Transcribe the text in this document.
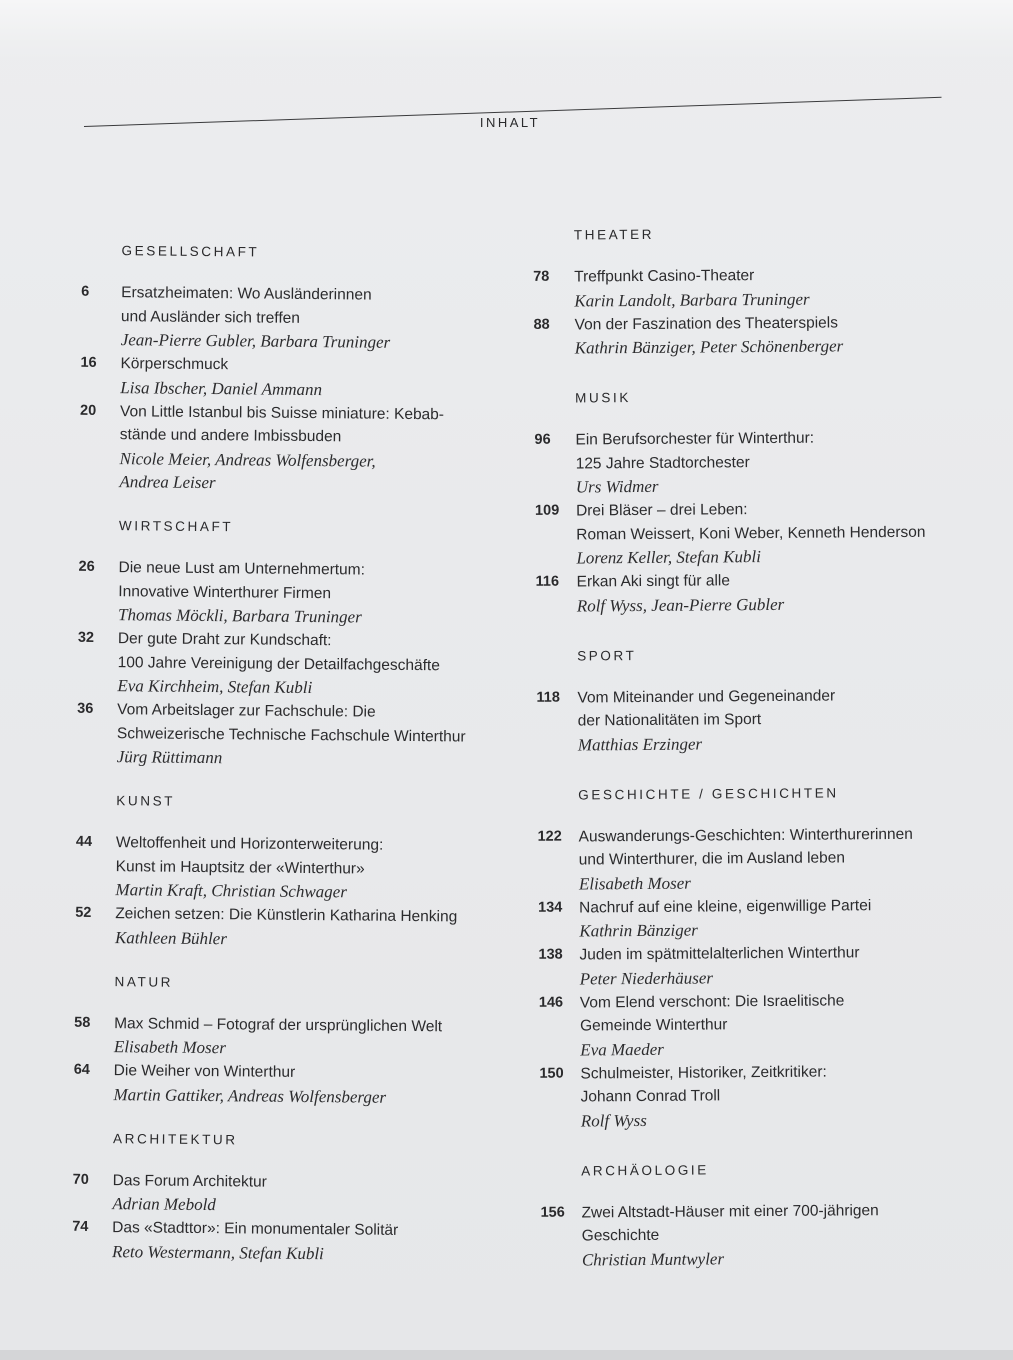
INHALT
GESELLSCHAFT
6	Ersatzheimaten: Wo Ausländerinnen
und Ausländer sich treffen
Jean-Pierre Gubler, Barbara Truninger
16	Körperschmuck
Lisa Ibscher, Daniel Ammann
20	Von Little Istanbul bis Suisse miniature: Kebab-
stände und andere Imbissbuden
Nicole Meier, Andreas Wolfensberger,
Andrea Leiser
WIRTSCHAFT
26	Die neue Lust am Unternehmertum:
Innovative Winterthurer Firmen
Thomas Möckli, Barbara Truninger
32	Der gute Draht zur Kundschaft:
100 Jahre Vereinigung der Detailfachgeschäfte
Eva Kirchheim, Stefan Kubli
36	Vom Arbeitslager zur Fachschule: Die
Schweizerische Technische Fachschule Winterthur
Jürg Rüttimann
KUNST
44	Weltoffenheit und Horizonterweiterung:
Kunst im Hauptsitz der «Winterthur»
Martin Kraft, Christian Schwager
52	Zeichen setzen: Die Künstlerin Katharina Henking
Kathleen Bühler
NATUR
58	Max Schmid – Fotograf der ursprünglichen Welt
Elisabeth Moser
64	Die Weiher von Winterthur
Martin Gattiker, Andreas Wolfensberger
ARCHITEKTUR
70	Das Forum Architektur
Adrian Mebold
74	Das «Stadttor»: Ein monumentaler Solitär
Reto Westermann, Stefan Kubli
THEATER
78	Treffpunkt Casino-Theater
Karin Landolt, Barbara Truninger
88	Von der Faszination des Theaterspiels
Kathrin Bänziger, Peter Schönenberger
MUSIK
96	Ein Berufsorchester für Winterthur:
125 Jahre Stadtorchester
Urs Widmer
109	Drei Bläser – drei Leben:
Roman Weissert, Koni Weber, Kenneth Henderson
Lorenz Keller, Stefan Kubli
116	Erkan Aki singt für alle
Rolf Wyss, Jean-Pierre Gubler
SPORT
118	Vom Miteinander und Gegeneinander
der Nationalitäten im Sport
Matthias Erzinger
GESCHICHTE / GESCHICHTEN
122	Auswanderungs-Geschichten: Winterthurerinnen
und Winterthurer, die im Ausland leben
Elisabeth Moser
134	Nachruf auf eine kleine, eigenwillige Partei
Kathrin Bänziger
138	Juden im spätmittelalterlichen Winterthur
Peter Niederhäuser
146	Vom Elend verschont: Die Israelitische
Gemeinde Winterthur
Eva Maeder
150	Schulmeister, Historiker, Zeitkritiker:
Johann Conrad Troll
Rolf Wyss
ARCHÄOLOGIE
156	Zwei Altstadt-Häuser mit einer 700-jährigen
Geschichte
Christian Muntwyler
